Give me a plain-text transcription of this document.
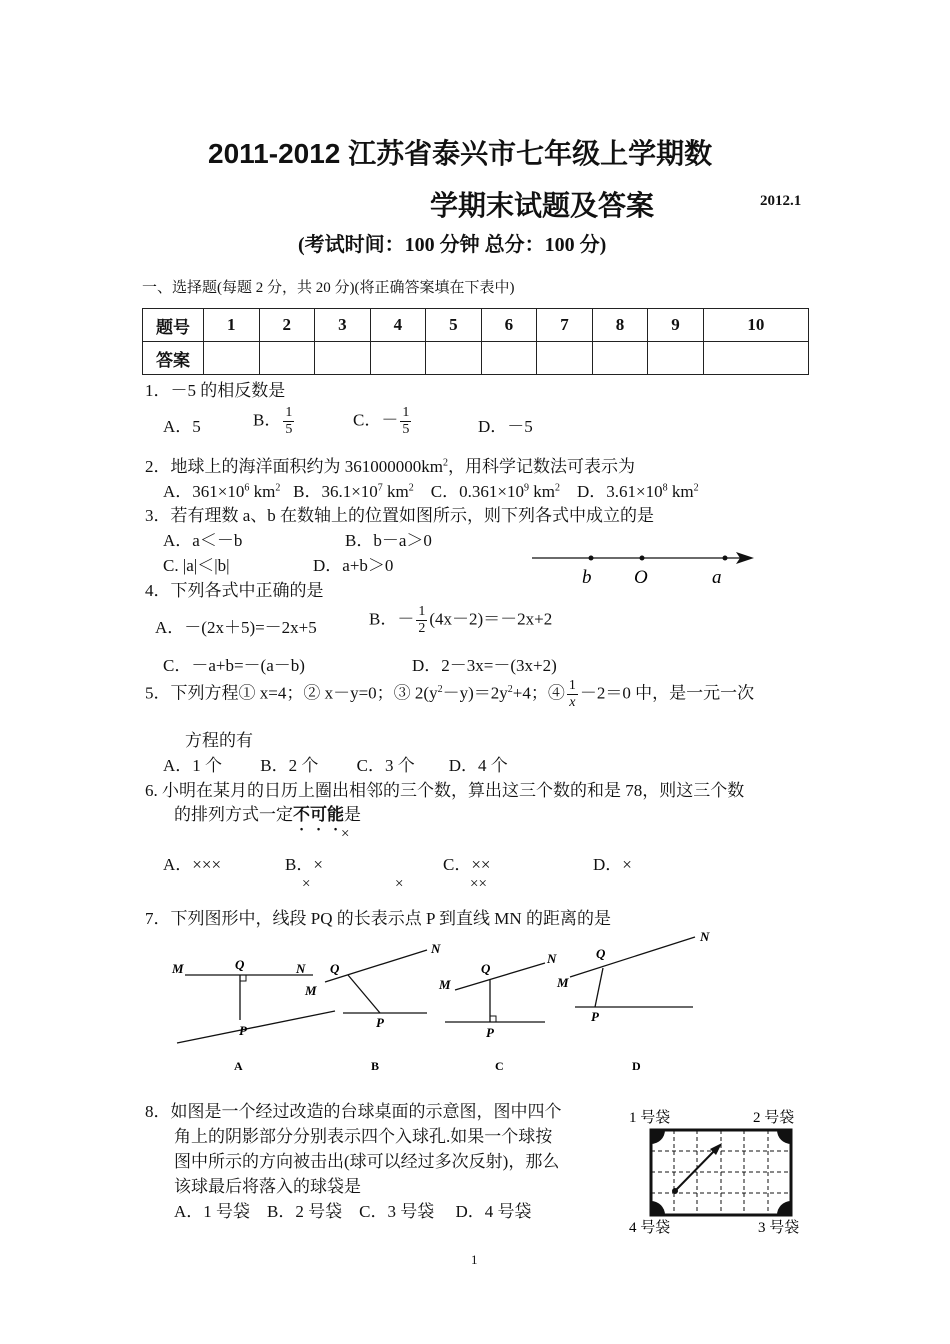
2011-2012 江苏省泰兴市七年级上学期数
学期末试题及答案	2012.1
(考试时间：100 分钟 总分：100 分)
一、选择题(每题 2 分，共 20 分)(将正确答案填在下表中)
题号	1	2	3	4	5	6	7	8	9	10
答案										
1．－5 的相反数是
A．5	B． $\frac{1}{5}$	C．－ $\frac{1}{5}$	D．－5
2．地球上的海洋面积约为 $361000000km^2$，用科学记数法可表示为
A．$361\times 10^6$ $km^2$ B．$36.1\times 10^7$ $km^2$ C．$0.361\times 10^9$ $km^2$ D．$3.61\times 10^8$ $km^2$
3．若有理数 a、b 在数轴上的位置如图所示，则下列各式中成立的是
A．a＜－b	B．b－a＞0
C. |a|＜|b|	D．a+b＞0
b O	a
4．下列各式中正确的是
A．－(2x＋5)=－2x+5	B．－ $\frac{1}{2} (4x-2)=-2x+2$
C．－a+b=－(a－b)	D．2－3x=－(3x+2)
5．下列方程① x=4；② x－y=0；③ $2(y^2-y)=2y^2+4$；④ $\frac{1}{x} -2=0$ 中，是一元一次
方程的有
A．1 个　　 B．2 个　　 C．3 个　　D．4 个
6. 小明在某月的日历上圈出相邻的三个数，算出这三个数的和是 78，则这三个数
的排列方式一定不可能是
×
A．×××	B．×	C．××	D．×
×	×	××
7．下列图形中，线段 PQ 的长表示点 P 到直线 MN 的距离的是
M	Q	N
P
A
N
Q
M
P
B
M
Q
N
P
C
M
Q
N
P
D
8．如图是一个经过改造的台球桌面的示意图，图中四个
角上的阴影部分分别表示四个入球孔.如果一个球按
图中所示的方向被击出(球可以经过多次反射)，那么
该球最后将落入的球袋是
A．1 号袋　B．2 号袋　C．3 号袋　 D．4 号袋
1 号袋	2 号袋
4 号袋	3 号袋
1
